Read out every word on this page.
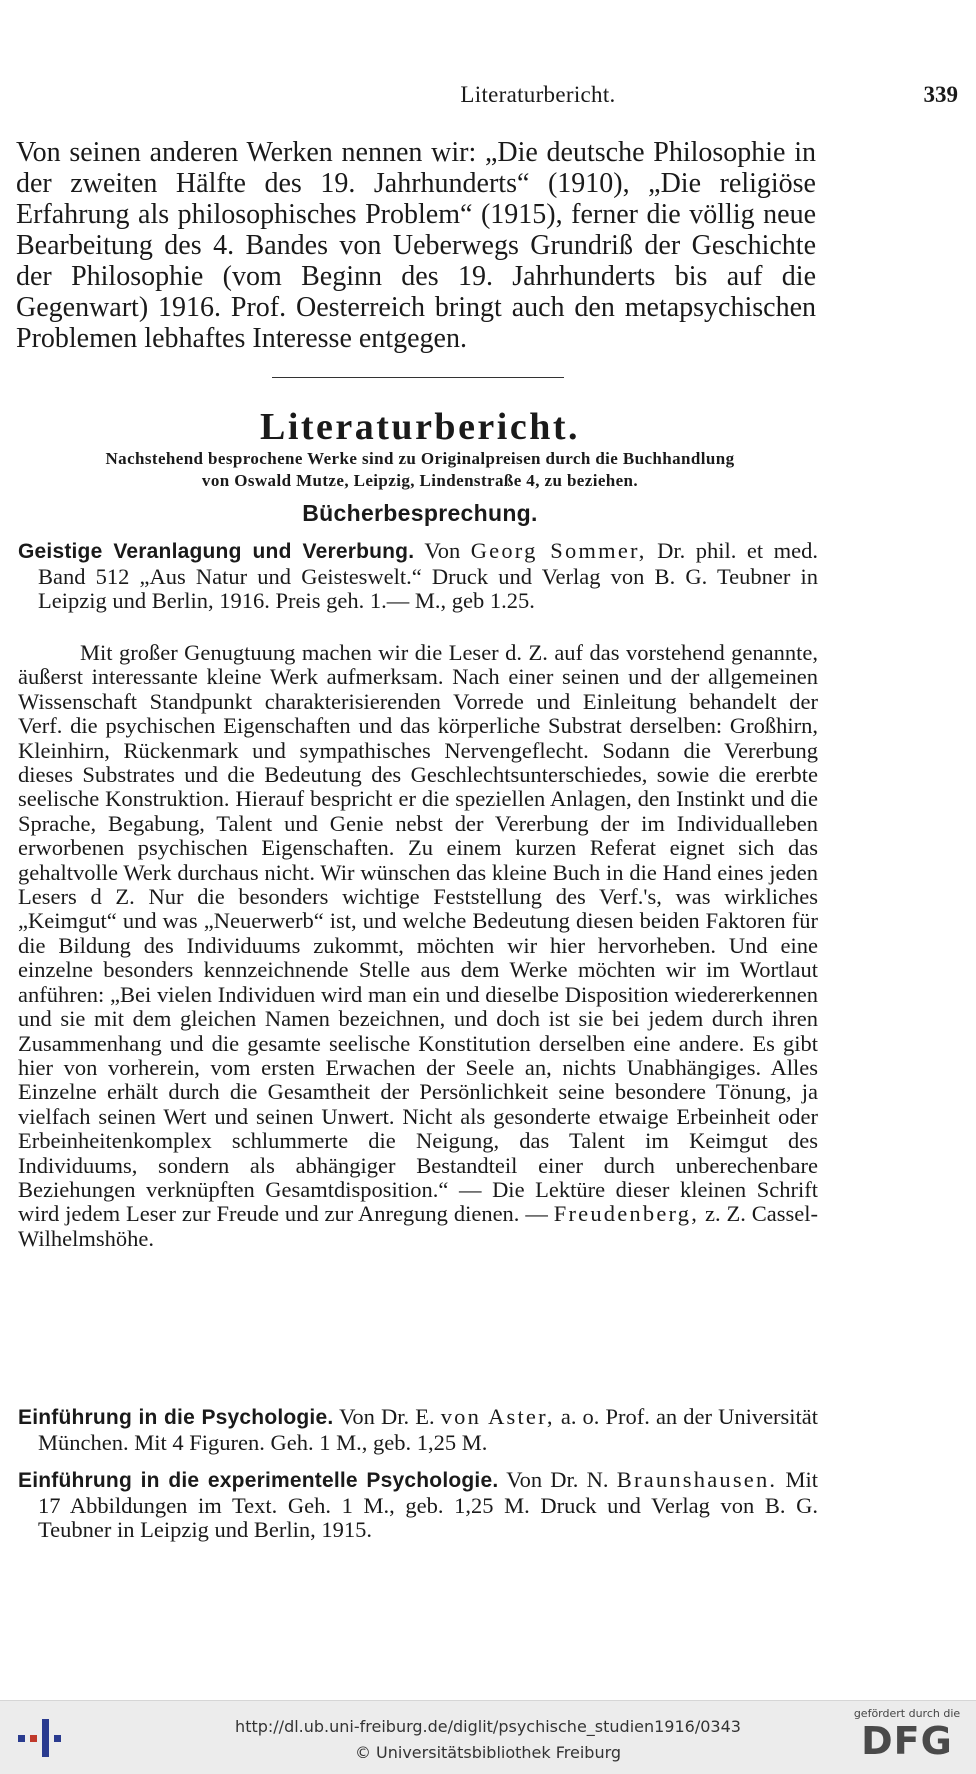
Literaturbericht.	339

Von seinen anderen Werken nennen wir: „Die deutsche Philosophie in der zweiten Hälfte des 19. Jahrhunderts“ (1910), „Die religiöse Erfahrung als philosophisches Problem“ (1915), ferner die völlig neue Bearbeitung des 4. Bandes von Ueberwegs Grundriß der Geschichte der Philosophie (vom Beginn des 19. Jahrhunderts bis auf die Gegenwart) 1916. Prof. Oesterreich bringt auch den metapsychischen Problemen lebhaftes Interesse entgegen.

Literaturbericht.

Nachstehend besprochene Werke sind zu Originalpreisen durch die Buchhandlung

von Oswald Mutze, Leipzig, Lindenstraße 4, zu beziehen.

Bücherbesprechung.
Geistige Veranlagung und Vererbung. Von Georg Sommer, Dr. phil. et med. Band 512 „Aus Natur und Geisteswelt.“ Druck und Verlag von B. G. Teubner in Leipzig und Berlin, 1916. Preis geh. 1.— M., geb 1.25.

Mit großer Genugtuung machen wir die Leser d. Z. auf das vorstehend genannte, äußerst interessante kleine Werk aufmerksam. Nach einer seinen und der allgemeinen Wissenschaft Standpunkt charakterisierenden Vorrede und Einleitung behandelt der Verf. die psychischen Eigenschaften und das körperliche Substrat derselben: Großhirn, Kleinhirn, Rückenmark und sympathisches Nervengeflecht. Sodann die Vererbung dieses Substrates und die Bedeutung des Geschlechtsunterschiedes, sowie die ererbte seelische Konstruktion. Hierauf bespricht er die speziellen Anlagen, den Instinkt und die Sprache, Begabung, Talent und Genie nebst der Vererbung der im Individualleben erworbenen psychischen Eigenschaften. Zu einem kurzen Referat eignet sich das gehaltvolle Werk durchaus nicht. Wir wünschen das kleine Buch in die Hand eines jeden Lesers d Z. Nur die besonders wichtige Feststellung des Verf.'s, was wirkliches „Keimgut“ und was „Neuerwerb“ ist, und welche Bedeutung diesen beiden Faktoren für die Bildung des Individuums zukommt, möchten wir hier hervorheben. Und eine einzelne besonders kennzeichnende Stelle aus dem Werke möchten wir im Wortlaut anführen: „Bei vielen Individuen wird man ein und dieselbe Disposition wiedererkennen und sie mit dem gleichen Namen bezeichnen, und doch ist sie bei jedem durch ihren Zusammenhang und die gesamte seelische Konstitution derselben eine andere. Es gibt hier von vorherein, vom ersten Erwachen der Seele an, nichts Unabhängiges. Alles Einzelne erhält durch die Gesamtheit der Persönlichkeit seine besondere Tönung, ja vielfach seinen Wert und seinen Unwert. Nicht als gesonderte etwaige Erbeinheit oder Erbeinheitenkomplex schlummerte die Neigung, das Talent im Keimgut des Individuums, sondern als abhängiger Bestandteil einer durch unberechenbare Beziehungen verknüpften Gesamtdisposition.“ — Die Lektüre dieser kleinen Schrift wird jedem Leser zur Freude und zur Anregung dienen. — Freudenberg, z. Z. Cassel-Wilhelmshöhe.

Einführung in die Psychologie. Von Dr. E. von Aster, a. o. Prof. an der Universität München. Mit 4 Figuren. Geh. 1 M., geb. 1,25 M.
Einführung in die experimentelle Psychologie. Von Dr. N. Braunshausen. Mit 17 Abbildungen im Text. Geh. 1 M., geb. 1,25 M. Druck und Verlag von B. G. Teubner in Leipzig und Berlin, 1915.
http://dl.ub.uni-freiburg.de/diglit/psychische_studien1916/0343
© Universitätsbibliothek Freiburg
gefördert durch die
DFG
